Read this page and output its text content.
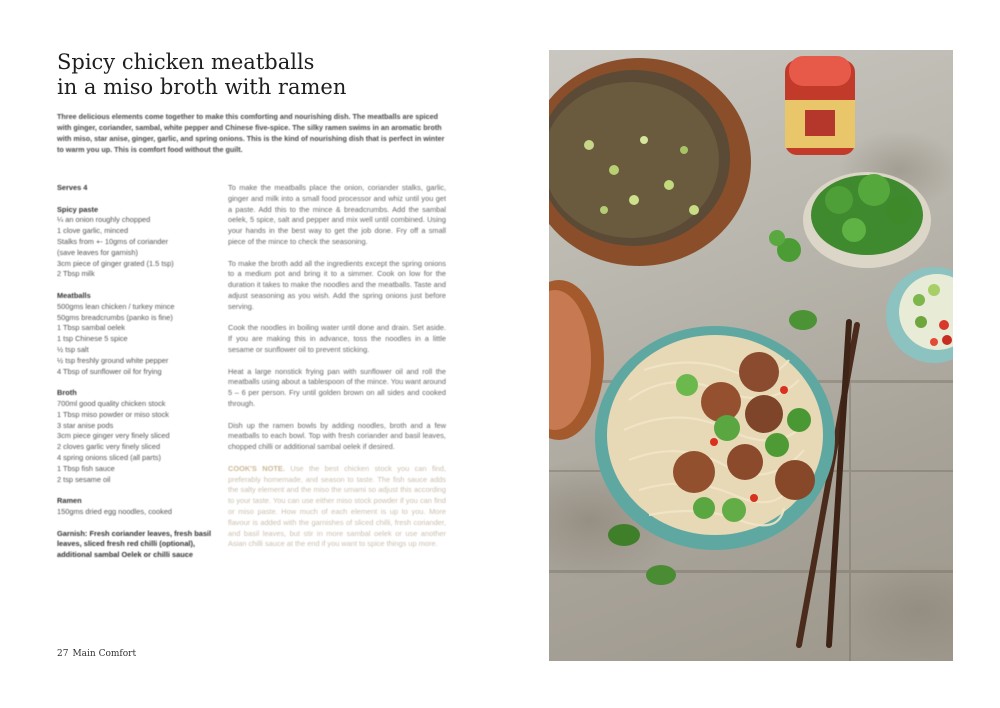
Spicy chicken meatballs
in a miso broth with ramen

Three delicious elements come together to make this comforting and nourishing dish. The meatballs are spiced with ginger, coriander, sambal, white pepper and Chinese five-spice. The silky ramen swims in an aromatic broth with miso, star anise, ginger, garlic, and spring onions. This is the kind of nourishing dish that is perfect in winter to warm you up. This is comfort food without the guilt.

Serves 4
Spicy paste
¼ an onion roughly chopped
1 clove garlic, minced
Stalks from +- 10gms of coriander
(save leaves for garnish)
3cm piece of ginger grated (1.5 tsp)
2 Tbsp milk
Meatballs
500gms lean chicken / turkey mince
50gms breadcrumbs (panko is fine)
1 Tbsp sambal oelek
1 tsp Chinese 5 spice
½ tsp salt
½ tsp freshly ground white pepper
4 Tbsp of sunflower oil for frying
Broth
700ml good quality chicken stock
1 Tbsp miso powder or miso stock
3 star anise pods
3cm piece ginger very finely sliced
2 cloves garlic very finely sliced
4 spring onions sliced (all parts)
1 Tbsp fish sauce
2 tsp sesame oil
Ramen
150gms dried egg noodles, cooked
Garnish: Fresh coriander leaves, fresh basil leaves, sliced fresh red chilli (optional), additional sambal Oelek or chilli sauce

To make the meatballs place the onion, coriander stalks, garlic, ginger and milk into a small food processor and whiz until you get a paste. Add this to the mince & breadcrumbs. Add the sambal oelek, 5 spice, salt and pepper and mix well until combined. Using your hands in the best way to get the job done. Fry off a small piece of the mince to check the seasoning.

To make the broth add all the ingredients except the spring onions to a medium pot and bring it to a simmer. Cook on low for the duration it takes to make the noodles and the meatballs. Taste and adjust seasoning as you wish. Add the spring onions just before serving.

Cook the noodles in boiling water until done and drain. Set aside. If you are making this in advance, toss the noodles in a little sesame or sunflower oil to prevent sticking.

Heat a large nonstick frying pan with sunflower oil and roll the meatballs using about a tablespoon of the mince. You want around 5 – 6 per person. Fry until golden brown on all sides and cooked through.

Dish up the ramen bowls by adding noodles, broth and a few meatballs to each bowl. Top with fresh coriander and basil leaves, chopped chilli or additional sambal oelek if desired.

COOK'S NOTE. Use the best chicken stock you can find, preferably homemade, and season to taste. The fish sauce adds the salty element and the miso the umami so adjust this according to your taste. You can use either miso stock powder if you can find or miso paste. How much of each element is up to you. More flavour is added with the garnishes of sliced chilli, fresh coriander, and basil leaves, but stir in more sambal oelek or use another Asian chilli sauce at the end if you want to spice things up more.

27 Main Comfort
